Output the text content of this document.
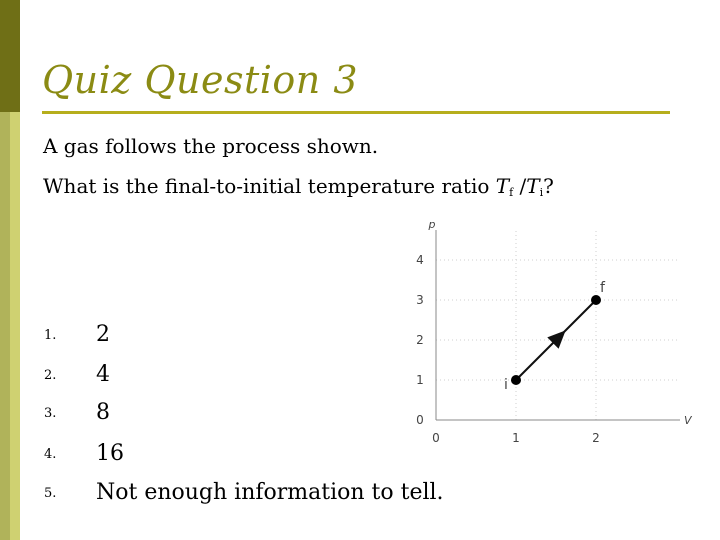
Quiz Question 3
A gas follows the process shown.
What is the final-to-initial temperature ratio $T_f$ $/T_i$?
1. 2
2. 4
3. 8
4. 16
5. Not enough information to tell.
p
V
0
1
2
3
4
0	1	2
i
f
